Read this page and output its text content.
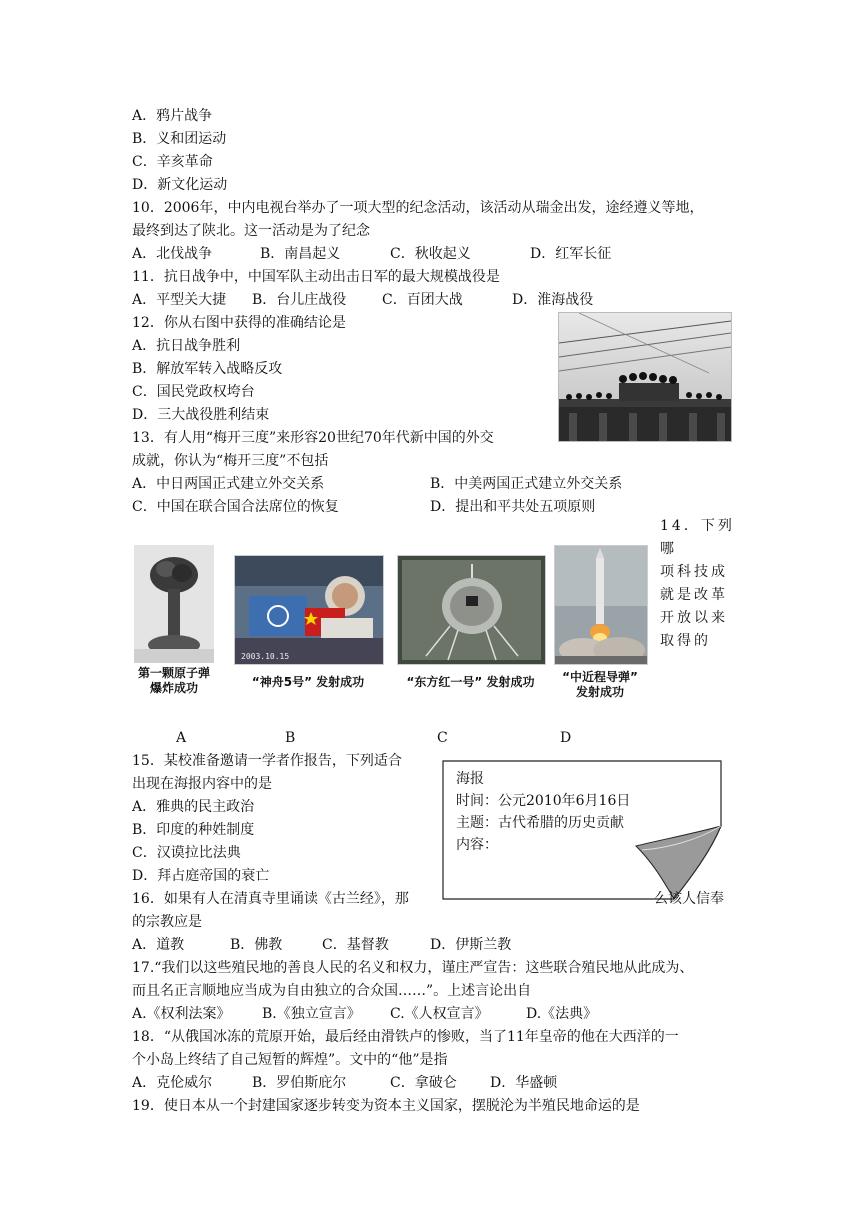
A．鸦片战争
B．义和团运动
C．辛亥革命
D．新文化运动
10．2006年，中内电视台举办了一项大型的纪念活动，该活动从瑞金出发，途经遵义等地，
最终到达了陕北。这一活动是为了纪念
A．北伐战争	B．南昌起义	C．秋收起义	D．红军长征
11．抗日战争中，中国军队主动出击日军的最大规模战役是
A．平型关大捷 B．台儿庄战役	C．百团大战	D．淮海战役
12．你从右图中获得的准确结论是
A．抗日战争胜利
B．解放军转入战略反攻
C．国民党政权垮台
D．三大战役胜利结束
13．有人用“梅开三度”来形容20世纪70年代新中国的外交
成就，你认为“梅开三度”不包括
A．中日两国正式建立外交关系	B．中美两国正式建立外交关系
C．中国在联合国合法席位的恢复	D．提出和平共处五项原则
14．下列哪
项科技成
就是改革
开放以来
取得的
第一颗原子弹
爆炸成功
2003.10.15
“神舟5号” 发射成功	“东方红一号” 发射成功	“中近程导弹”
发射成功
A	B	C	D
15．某校准备邀请一学者作报告，下列适合
出现在海报内容中的是
A．雅典的民主政治
B．印度的种姓制度
C．汉谟拉比法典
D．拜占庭帝国的衰亡
海报
时间：公元2010年6月16日
主题：古代希腊的历史贡献
内容：
16．如果有人在清真寺里诵读《古兰经》，那	么该人信奉
的宗教应是
A．道教	B．佛教	C．基督教	D．伊斯兰教
17.“我们以这些殖民地的善良人民的名义和权力，谨庄严宣告：这些联合殖民地从此成为、
而且名正言顺地应当成为自由独立的合众国……”。上述言论出自
A.《权利法案》 B.《独立宣言》 C.《人权宣言》	D.《法典》
18．“从俄国冰冻的荒原开始，最后经由滑铁卢的惨败，当了11年皇帝的他在大西洋的一
个小岛上终结了自己短暂的辉煌”。文中的“他”是指
A．克伦威尔	B．罗伯斯庇尔	C．拿破仑 D．华盛顿
19．使日本从一个封建国家逐步转变为资本主义国家，摆脱沦为半殖民地命运的是
